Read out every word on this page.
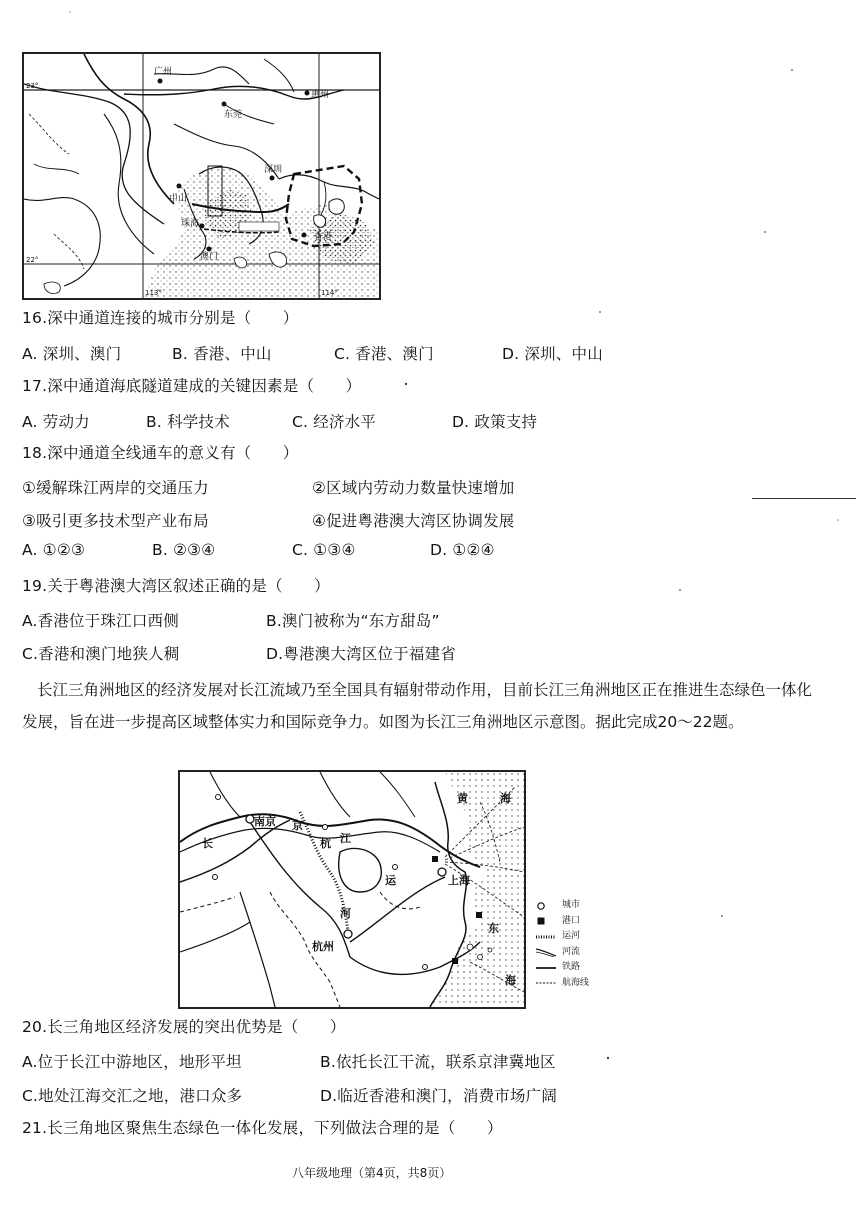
广州
东莞
惠州
深圳
中山
珠海
澳门
香港
23°
22°
113°	114°
16.深中通道连接的城市分别是（　　）
A. 深圳、澳门	B. 香港、中山	C. 香港、澳门	D. 深圳、中山
17.深中通道海底隧道建成的关键因素是（　　）
A. 劳动力	B. 科学技术	C. 经济水平	D. 政策支持
18.深中通道全线通车的意义有（　　）
①缓解珠江两岸的交通压力	②区域内劳动力数量快速增加
③吸引更多技术型产业布局	④促进粤港澳大湾区协调发展
A. ①②③	B. ②③④	C. ①③④	D. ①②④
19.关于粤港澳大湾区叙述正确的是（　　）
A.香港位于珠江口西侧	B.澳门被称为“东方甜岛”
C.香港和澳门地狭人稠	D.粤港澳大湾区位于福建省
长江三角洲地区的经济发展对长江流域乃至全国具有辐射带动作用，目前长江三角洲地区正在推进生态绿色一体化发展，旨在进一步提高区域整体实力和国际竞争力。如图为长江三角洲地区示意图。据此完成20～22题。
南京
上海
杭州
长	江
京
杭
运
河
黄	海
东
海
城市
港口
运河
河流
铁路
航海线
20.长三角地区经济发展的突出优势是（　　）
A.位于长江中游地区，地形平坦	B.依托长江干流，联系京津冀地区
C.地处江海交汇之地，港口众多	D.临近香港和澳门，消费市场广阔
21.长三角地区聚焦生态绿色一体化发展，下列做法合理的是（　　）
八年级地理（第4页，共8页）
